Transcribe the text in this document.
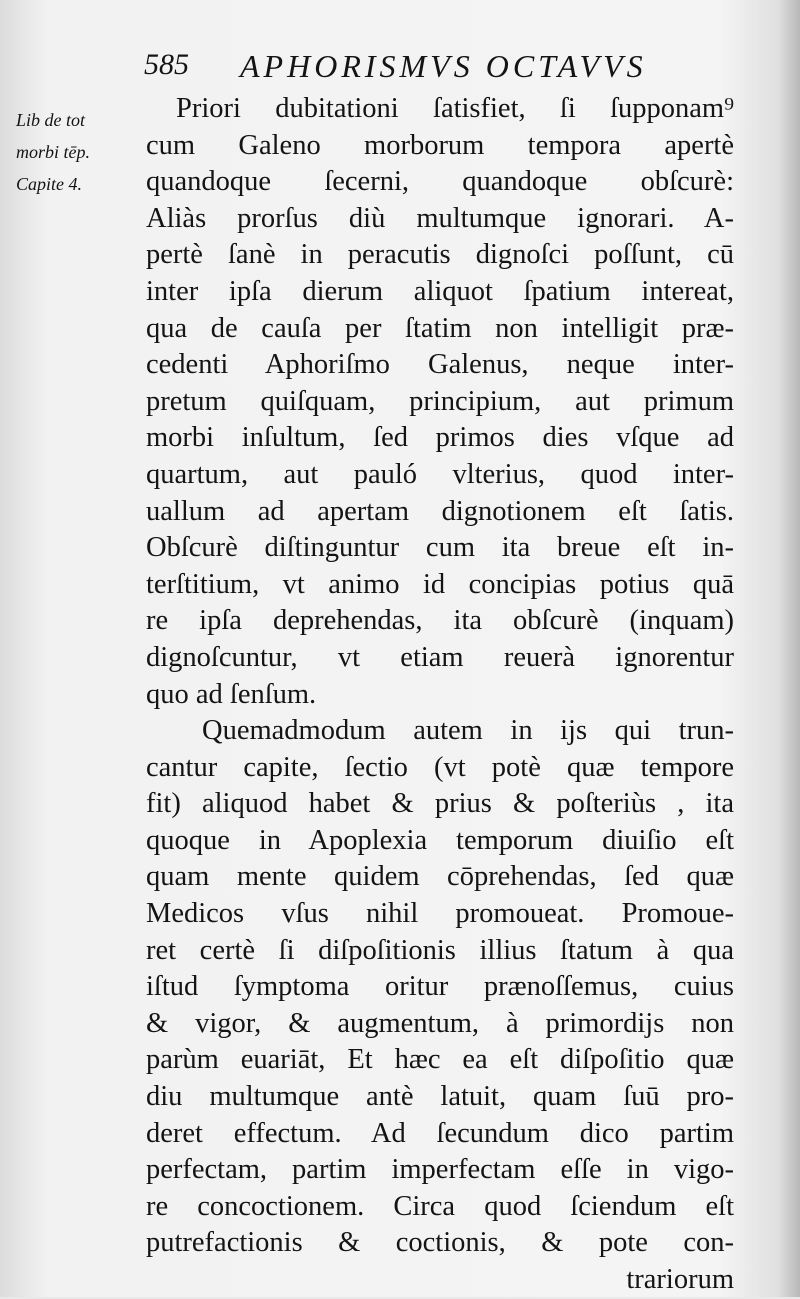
585 APHORISMVS OCTAVVS
Lib de tot
morbi tēp.
Capite 4.
Priori dubitationi ſatisfiet, ſi ſupponam⁹
cum Galeno morborum tempora apertè
quandoque ſecerni, quandoque obſcurè:
Aliàs prorſus diù multumque ignorari. A-
pertè ſanè in peracutis dignoſci poſſunt, cū
inter ipſa dierum aliquot ſpatium intereat,
qua de cauſa per ſtatim non intelligit præ-
cedenti Aphoriſmo Galenus, neque inter-
pretum quiſquam, principium, aut primum
morbi inſultum, ſed primos dies vſque ad
quartum, aut pauló vlterius, quod inter-
uallum ad apertam dignotionem eſt ſatis.
Obſcurè diſtinguntur cum ita breue eſt in-
terſtitium, vt animo id concipias potius quā
re ipſa deprehendas, ita obſcurè (inquam)
dignoſcuntur, vt etiam reuerà ignorentur
quo ad ſenſum.
Quemadmodum autem in ijs qui trun-
cantur capite, ſectio (vt potè quæ tempore
fit) aliquod habet & prius & poſteriùs , ita
quoque in Apoplexia temporum diuiſio eſt
quam mente quidem cōprehendas, ſed quæ
Medicos vſus nihil promoueat. Promoue-
ret certè ſi diſpoſitionis illius ſtatum à qua
iſtud ſymptoma oritur prænoſſemus, cuius
& vigor, & augmentum, à primordijs non
parùm euariāt, Et hæc ea eſt diſpoſitio quæ
diu multumque antè latuit, quam ſuū pro-
deret effectum. Ad ſecundum dico partim
perfectam, partim imperfectam eſſe in vigo-
re concoctionem. Circa quod ſciendum eſt
putrefactionis & coctionis, & pote con-
trariorum
